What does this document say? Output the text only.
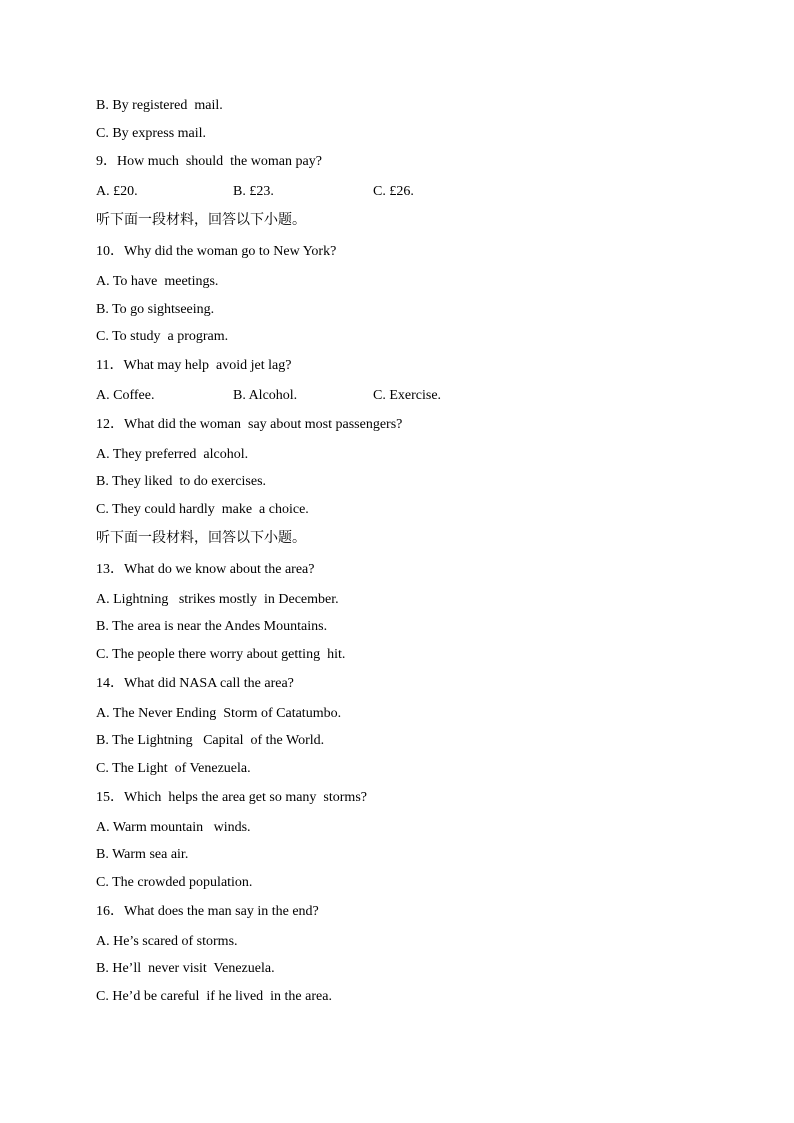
B. By registered  mail.
C. By express mail.
9．How much  should  the woman pay?
A. £20.	B. £23.	C. £26.
听下面一段材料，回答以下小题。
10．Why did the woman go to New York?
A. To have  meetings.
B. To go sightseeing.
C. To study  a program.
11．What may help  avoid jet lag?
A. Coffee.	B. Alcohol.	C. Exercise.
12．What did the woman  say about most passengers?
A. They preferred  alcohol.
B. They liked  to do exercises.
C. They could hardly  make  a choice.
听下面一段材料，回答以下小题。
13．What do we know about the area?
A. Lightning   strikes mostly  in December.
B. The area is near the Andes Mountains.
C. The people there worry about getting  hit.
14．What did NASA call the area?
A. The Never Ending  Storm of Catatumbo.
B. The Lightning   Capital  of the World.
C. The Light  of Venezuela.
15．Which  helps the area get so many  storms?
A. Warm mountain   winds.
B. Warm sea air.
C. The crowded population.
16．What does the man say in the end?
A. He’s scared of storms.
B. He’ll  never visit  Venezuela.
C. He’d be careful  if he lived  in the area.
